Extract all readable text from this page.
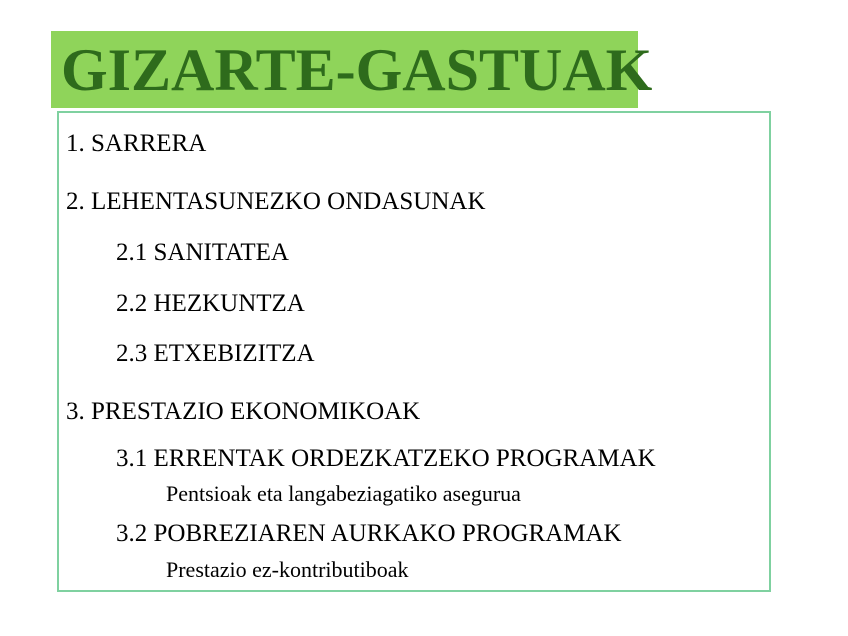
GIZARTE-GASTUAK
1. SARRERA
2. LEHENTASUNEZKO ONDASUNAK
2.1 SANITATEA
2.2 HEZKUNTZA
2.3 ETXEBIZITZA
3. PRESTAZIO EKONOMIKOAK
3.1 ERRENTAK ORDEZKATZEKO PROGRAMAK
Pentsioak eta langabeziagatiko asegurua
3.2 POBREZIAREN AURKAKO PROGRAMAK
Prestazio ez-kontributiboak
